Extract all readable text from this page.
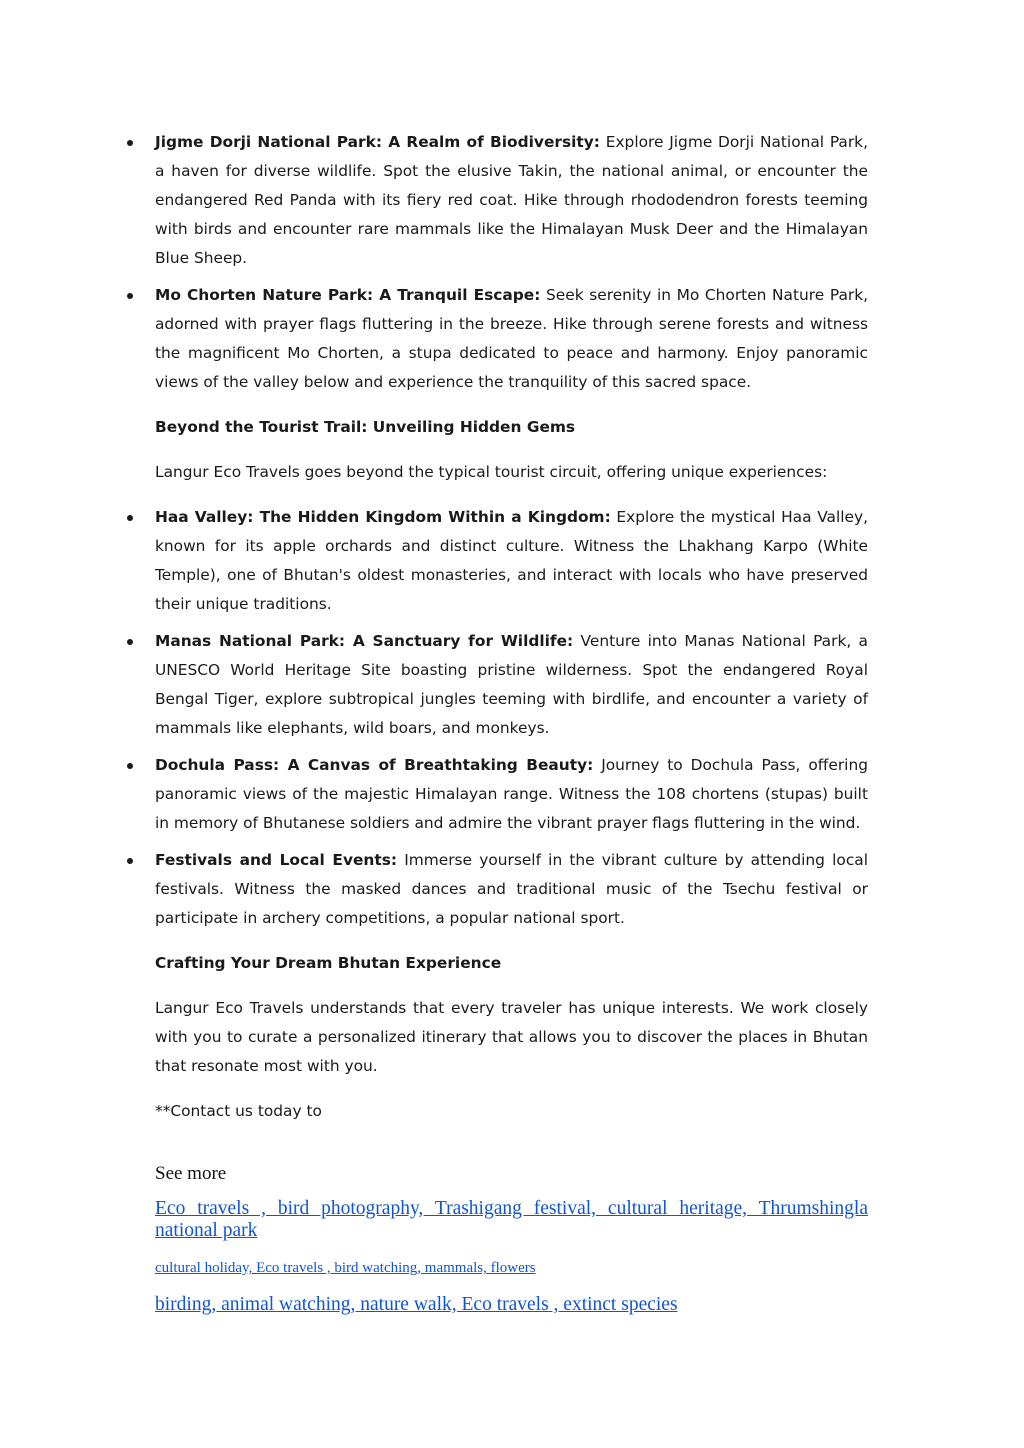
Jigme Dorji National Park: A Realm of Biodiversity: Explore Jigme Dorji National Park, a haven for diverse wildlife. Spot the elusive Takin, the national animal, or encounter the endangered Red Panda with its fiery red coat. Hike through rhododendron forests teeming with birds and encounter rare mammals like the Himalayan Musk Deer and the Himalayan Blue Sheep.
Mo Chorten Nature Park: A Tranquil Escape: Seek serenity in Mo Chorten Nature Park, adorned with prayer flags fluttering in the breeze. Hike through serene forests and witness the magnificent Mo Chorten, a stupa dedicated to peace and harmony. Enjoy panoramic views of the valley below and experience the tranquility of this sacred space.
Beyond the Tourist Trail: Unveiling Hidden Gems
Langur Eco Travels goes beyond the typical tourist circuit, offering unique experiences:
Haa Valley: The Hidden Kingdom Within a Kingdom: Explore the mystical Haa Valley, known for its apple orchards and distinct culture. Witness the Lhakhang Karpo (White Temple), one of Bhutan's oldest monasteries, and interact with locals who have preserved their unique traditions.
Manas National Park: A Sanctuary for Wildlife: Venture into Manas National Park, a UNESCO World Heritage Site boasting pristine wilderness. Spot the endangered Royal Bengal Tiger, explore subtropical jungles teeming with birdlife, and encounter a variety of mammals like elephants, wild boars, and monkeys.
Dochula Pass: A Canvas of Breathtaking Beauty: Journey to Dochula Pass, offering panoramic views of the majestic Himalayan range. Witness the 108 chortens (stupas) built in memory of Bhutanese soldiers and admire the vibrant prayer flags fluttering in the wind.
Festivals and Local Events: Immerse yourself in the vibrant culture by attending local festivals. Witness the masked dances and traditional music of the Tsechu festival or participate in archery competitions, a popular national sport.
Crafting Your Dream Bhutan Experience
Langur Eco Travels understands that every traveler has unique interests. We work closely with you to curate a personalized itinerary that allows you to discover the places in Bhutan that resonate most with you.
**Contact us today to
See more
Eco travels , bird photography, Trashigang festival, cultural heritage, Thrumshingla national park
cultural holiday, Eco travels , bird watching, mammals, flowers
birding, animal watching, nature walk, Eco travels , extinct species
